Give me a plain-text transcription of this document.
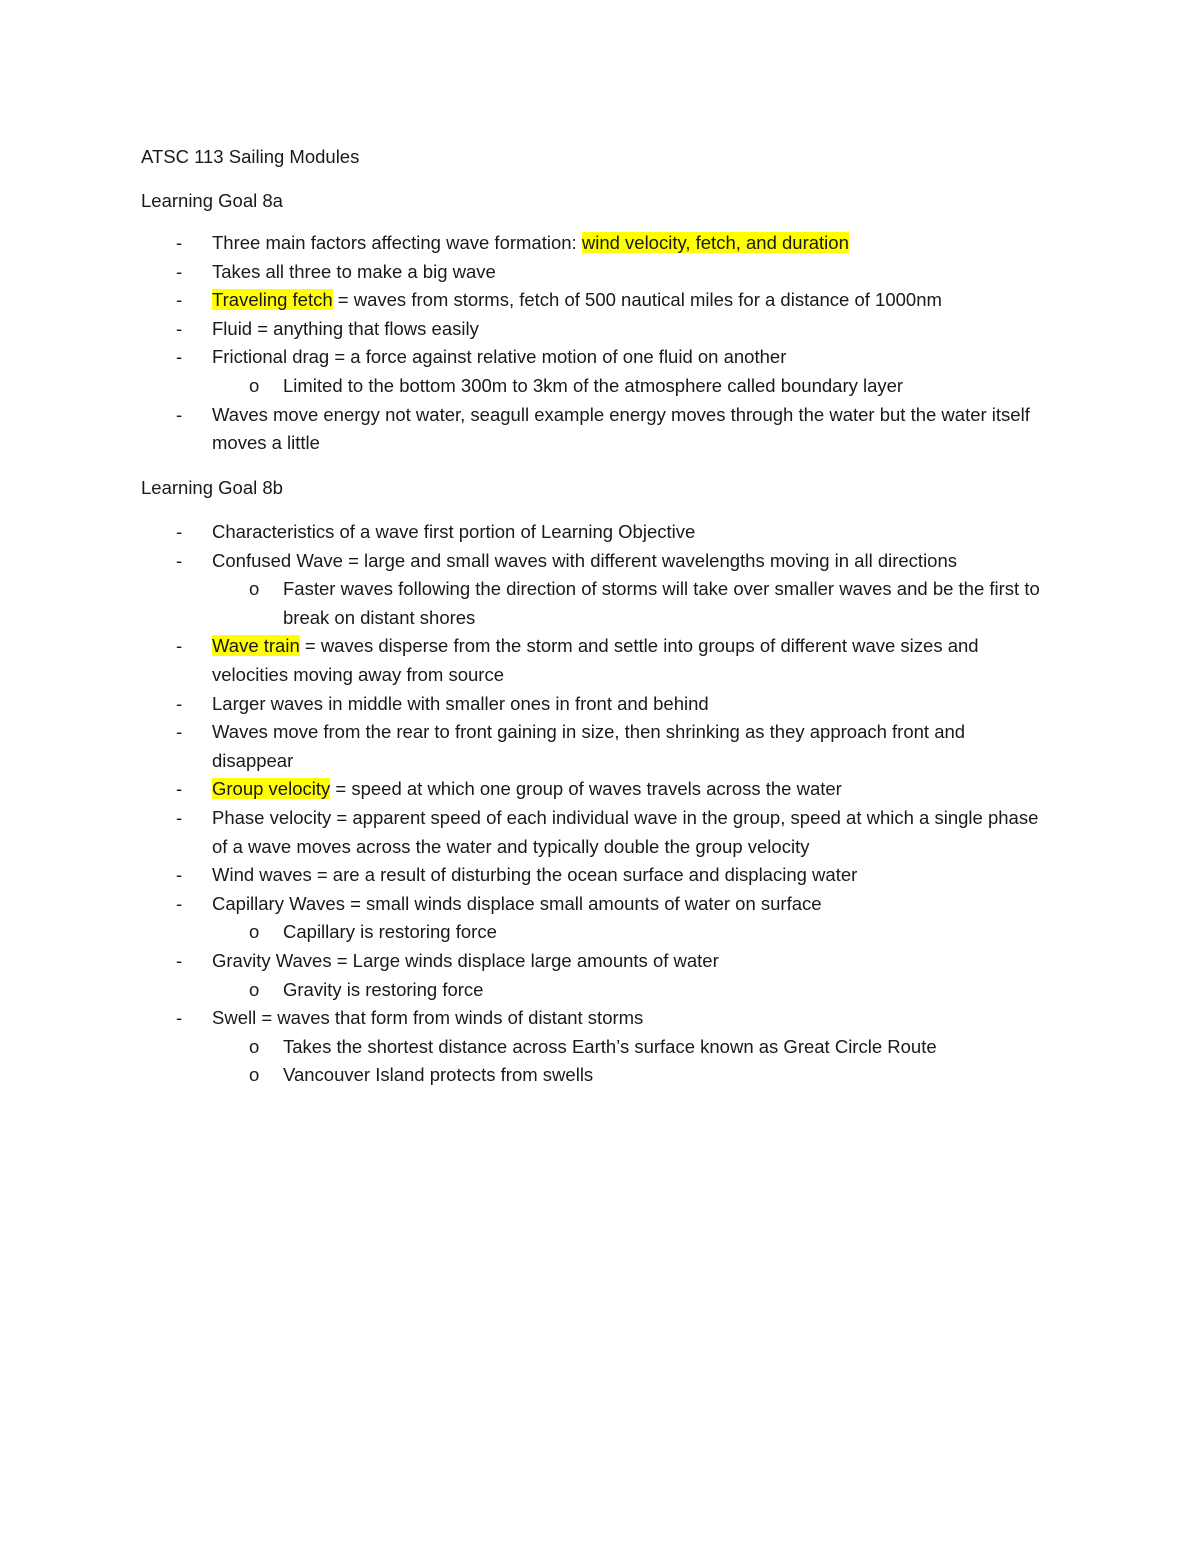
ATSC 113 Sailing Modules
Learning Goal 8a
- Three main factors affecting wave formation: wind velocity, fetch, and duration
- Takes all three to make a big wave
- Traveling fetch = waves from storms, fetch of 500 nautical miles for a distance of 1000nm
- Fluid = anything that flows easily
- Frictional drag = a force against relative motion of one fluid on another
o Limited to the bottom 300m to 3km of the atmosphere called boundary layer
- Waves move energy not water, seagull example energy moves through the water but the water itself moves a little
Learning Goal 8b
- Characteristics of a wave first portion of Learning Objective
- Confused Wave = large and small waves with different wavelengths moving in all directions
o Faster waves following the direction of storms will take over smaller waves and be the first to break on distant shores
- Wave train = waves disperse from the storm and settle into groups of different wave sizes and velocities moving away from source
- Larger waves in middle with smaller ones in front and behind
- Waves move from the rear to front gaining in size, then shrinking as they approach front and disappear
- Group velocity = speed at which one group of waves travels across the water
- Phase velocity = apparent speed of each individual wave in the group, speed at which a single phase of a wave moves across the water and typically double the group velocity
- Wind waves = are a result of disturbing the ocean surface and displacing water
- Capillary Waves = small winds displace small amounts of water on surface
o Capillary is restoring force
- Gravity Waves = Large winds displace large amounts of water
o Gravity is restoring force
- Swell = waves that form from winds of distant storms
o Takes the shortest distance across Earth’s surface known as Great Circle Route
o Vancouver Island protects from swells
